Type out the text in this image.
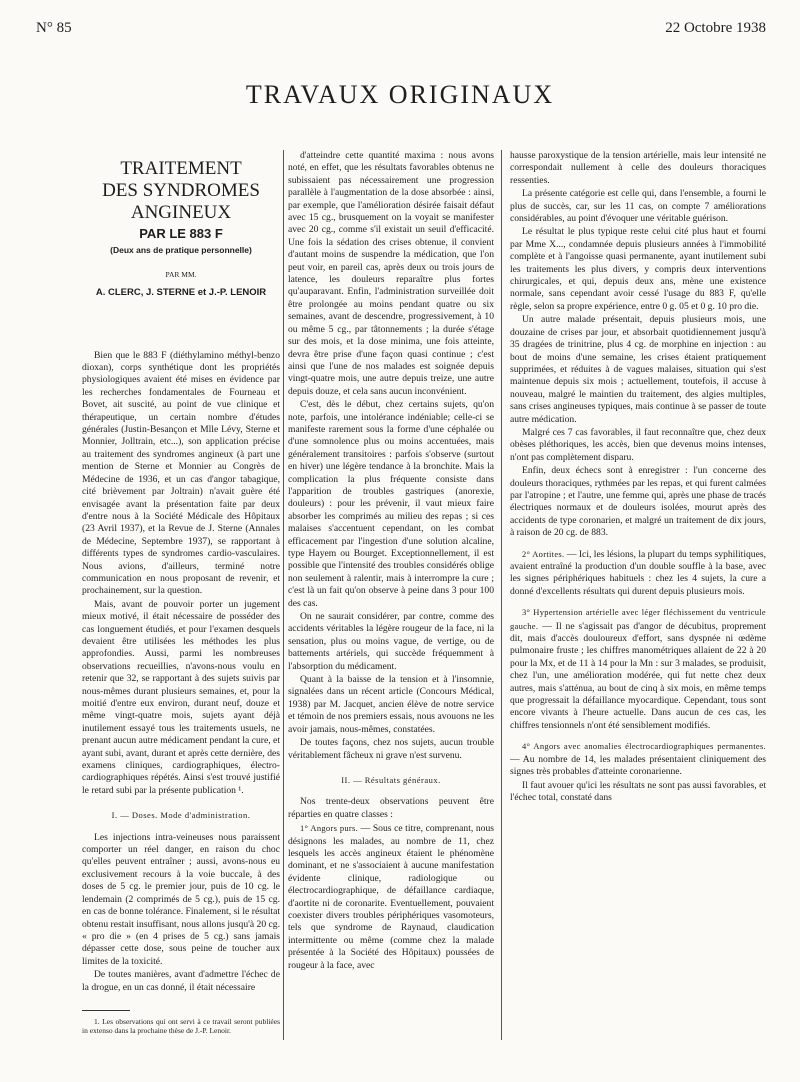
N° 85	22 Octobre 1938
TRAVAUX ORIGINAUX
TRAITEMENT
DES SYNDROMES ANGINEUX
PAR LE 883 F
(Deux ans de pratique personnelle)
PAR MM.
A. CLERC, J. STERNE et J.-P. LENOIR

Bien que le 883 F (diéthylamino méthyl-benzo dioxan), corps synthétique dont les propriétés physiologiques avaient été mises en évidence par les recherches fondamentales de Fourneau et Bovet, ait suscité, au point de vue clinique et thérapeutique, un certain nombre d'études générales (Justin-Besançon et Mlle Lévy, Sterne et Monnier, Jolltrain, etc...), son application précise au traitement des syndromes angineux (à part une mention de Sterne et Monnier au Congrès de Médecine de 1936, et un cas d'angor tabagique, cité brièvement par Joltrain) n'avait guère été envisagée avant la présentation faite par deux d'entre nous à la Société Médicale des Hôpitaux (23 Avril 1937), et la Revue de J. Sterne (Annales de Médecine, Septembre 1937), se rapportant à différents types de syndromes cardio-vasculaires. Nous avions, d'ailleurs, terminé notre communication en nous proposant de revenir, et prochainement, sur la question.

Mais, avant de pouvoir porter un jugement mieux motivé, il était nécessaire de posséder des cas longuement étudiés, et pour l'examen desquels devaient être utilisées les méthodes les plus approfondies. Aussi, parmi les nombreuses observations recueillies, n'avons-nous voulu en retenir que 32, se rapportant à des sujets suivis par nous-mêmes durant plusieurs semaines, et, pour la moitié d'entre eux environ, durant neuf, douze et même vingt-quatre mois, sujets ayant déjà inutilement essayé tous les traitements usuels, ne prenant aucun autre médicament pendant la cure, et ayant subi, avant, durant et après cette dernière, des examens cliniques, cardiographiques, électro-cardiographiques répétés. Ainsi s'est trouvé justifié le retard subi par la présente publication ¹.

I. — Doses. Mode d'administration.

Les injections intra-veineuses nous paraissent comporter un réel danger, en raison du choc qu'elles peuvent entraîner ; aussi, avons-nous eu exclusivement recours à la voie buccale, à des doses de 5 cg. le premier jour, puis de 10 cg. le lendemain (2 comprimés de 5 cg.), puis de 15 cg. en cas de bonne tolérance. Finalement, si le résultat obtenu restait insuffisant, nous allons jusqu'à 20 cg. « pro die » (en 4 prises de 5 cg.) sans jamais dépasser cette dose, sous peine de toucher aux limites de la toxicité.

De toutes manières, avant d'admettre l'échec de la drogue, en un cas donné, il était nécessaire

1. Les observations qui ont servi à ce travail seront publiées in extenso dans la prochaine thèse de J.-P. Lenoir.

d'atteindre cette quantité maxima : nous avons noté, en effet, que les résultats favorables obtenus ne subissaient pas nécessairement une progression parallèle à l'augmentation de la dose absorbée : ainsi, par exemple, que l'amélioration désirée faisait défaut avec 15 cg., brusquement on la voyait se manifester avec 20 cg., comme s'il existait un seuil d'efficacité. Une fois la sédation des crises obtenue, il convient d'autant moins de suspendre la médication, que l'on peut voir, en pareil cas, après deux ou trois jours de latence, les douleurs reparaître plus fortes qu'auparavant. Enfin, l'administration surveillée doit être prolongée au moins pendant quatre ou six semaines, avant de descendre, progressivement, à 10 ou même 5 cg., par tâtonnements ; la durée s'étage sur des mois, et la dose minima, une fois atteinte, devra être prise d'une façon quasi continue ; c'est ainsi que l'une de nos malades est soignée depuis vingt-quatre mois, une autre depuis treize, une autre depuis douze, et cela sans aucun inconvénient.

C'est, dès le début, chez certains sujets, qu'on note, parfois, une intolérance indéniable; celle-ci se manifeste rarement sous la forme d'une céphalée ou d'une somnolence plus ou moins accentuées, mais généralement transitoires : parfois s'observe (surtout en hiver) une légère tendance à la bronchite. Mais la complication la plus fréquente consiste dans l'apparition de troubles gastriques (anorexie, douleurs) : pour les prévenir, il vaut mieux faire absorber les comprimés au milieu des repas ; si ces malaises s'accentuent cependant, on les combat efficacement par l'ingestion d'une solution alcaline, type Hayem ou Bourget. Exceptionnellement, il est possible que l'intensité des troubles considérés oblige non seulement à ralentir, mais à interrompre la cure ; c'est là un fait qu'on observe à peine dans 3 pour 100 des cas.

On ne saurait considérer, par contre, comme des accidents véritables la légère rougeur de la face, ni la sensation, plus ou moins vague, de vertige, ou de battements artériels, qui succède fréquemment à l'absorption du médicament.

Quant à la baisse de la tension et à l'insomnie, signalées dans un récent article (Concours Médical, 1938) par M. Jacquet, ancien élève de notre service et témoin de nos premiers essais, nous avouons ne les avoir jamais, nous-mêmes, constatées.

De toutes façons, chez nos sujets, aucun trouble véritablement fâcheux ni grave n'est survenu.

II. — Résultats généraux.

Nos trente-deux observations peuvent être réparties en quatre classes :

1° Angors purs. — Sous ce titre, comprenant, nous désignons les malades, au nombre de 11, chez lesquels les accès angineux étaient le phénomène dominant, et ne s'associaient à aucune manifestation évidente clinique, radiologique ou électrocardiographique, de défaillance cardiaque, d'aortite ni de coronarite. Eventuellement, pouvaient coexister divers troubles périphériques vasomoteurs, tels que syndrome de Raynaud, claudication intermittente ou même (comme chez la malade présentée à la Société des Hôpitaux) poussées de rougeur à la face, avec

hausse paroxystique de la tension artérielle, mais leur intensité ne correspondait nullement à celle des douleurs thoraciques ressenties.

La présente catégorie est celle qui, dans l'ensemble, a fourni le plus de succès, car, sur les 11 cas, on compte 7 améliorations considérables, au point d'évoquer une véritable guérison.

Le résultat le plus typique reste celui cité plus haut et fourni par Mme X..., condamnée depuis plusieurs années à l'immobilité complète et à l'angoisse quasi permanente, ayant inutilement subi les traitements les plus divers, y compris deux interventions chirurgicales, et qui, depuis deux ans, mène une existence normale, sans cependant avoir cessé l'usage du 883 F, qu'elle règle, selon sa propre expérience, entre 0 g. 05 et 0 g. 10 pro die.

Un autre malade présentait, depuis plusieurs mois, une douzaine de crises par jour, et absorbait quotidiennement jusqu'à 35 dragées de trinitrine, plus 4 cg. de morphine en injection : au bout de moins d'une semaine, les crises étaient pratiquement supprimées, et réduites à de vagues malaises, situation qui s'est maintenue depuis six mois ; actuellement, toutefois, il accuse à nouveau, malgré le maintien du traitement, des algies multiples, sans crises angineuses typiques, mais continue à se passer de toute autre médication.

Malgré ces 7 cas favorables, il faut reconnaître que, chez deux obèses pléthoriques, les accès, bien que devenus moins intenses, n'ont pas complètement disparu.

Enfin, deux échecs sont à enregistrer : l'un concerne des douleurs thoraciques, rythmées par les repas, et qui furent calmées par l'atropine ; et l'autre, une femme qui, après une phase de tracés électriques normaux et de douleurs isolées, mourut après des accidents de type coronarien, et malgré un traitement de dix jours, à raison de 20 cg. de 883.

2° Aortites. — Ici, les lésions, la plupart du temps syphilitiques, avaient entraîné la production d'un double souffle à la base, avec les signes périphériques habituels : chez les 4 sujets, la cure a donné d'excellents résultats qui durent depuis plusieurs mois.

3° Hypertension artérielle avec léger fléchissement du ventricule gauche. — Il ne s'agissait pas d'angor de décubitus, proprement dit, mais d'accès douloureux d'effort, sans dyspnée ni œdème pulmonaire fruste ; les chiffres manométriques allaient de 22 à 20 pour la Mx, et de 11 à 14 pour la Mn : sur 3 malades, se produisit, chez l'un, une amélioration modérée, qui fut nette chez deux autres, mais s'atténua, au bout de cinq à six mois, en même temps que progressait la défaillance myocardique. Cependant, tous sont encore vivants à l'heure actuelle. Dans aucun de ces cas, les chiffres tensionnels n'ont été sensiblement modifiés.

4° Angors avec anomalies électrocardiographiques permanentes. — Au nombre de 14, les malades présentaient cliniquement des signes très probables d'atteinte coronarienne.

Il faut avouer qu'ici les résultats ne sont pas aussi favorables, et l'échec total, constaté dans
